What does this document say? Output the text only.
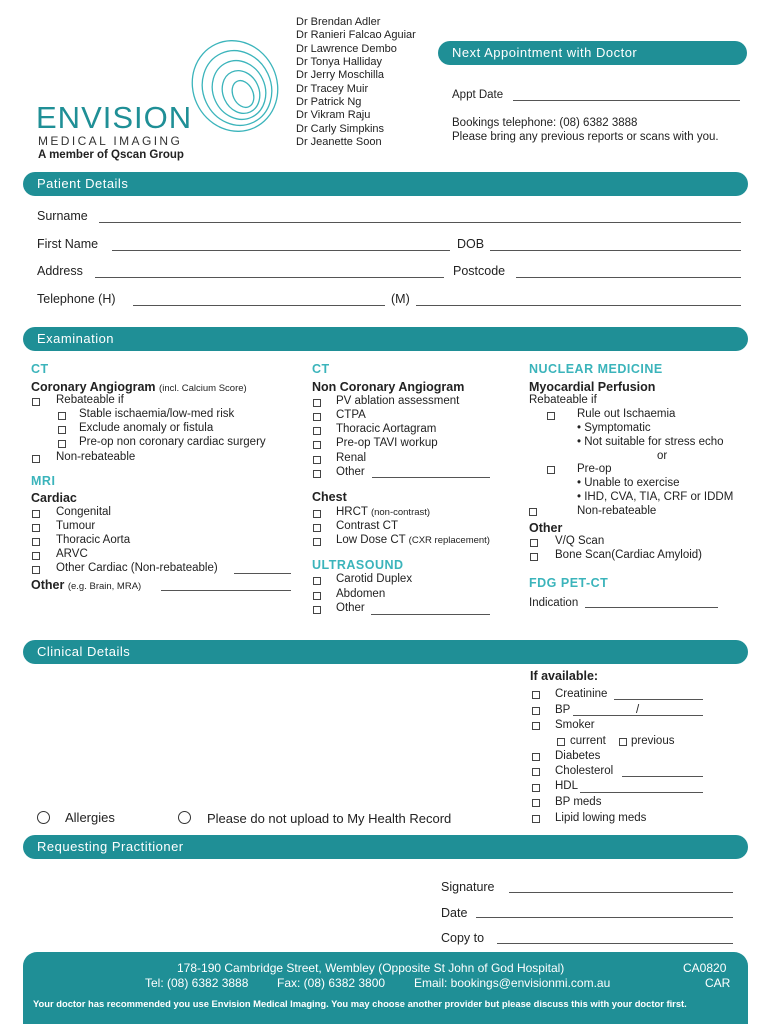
ENVISION
MEDICAL IMAGING
A member of Qscan Group
Dr Brendan Adler
Dr Ranieri Falcao Aguiar
Dr Lawrence Dembo
Dr Tonya Halliday
Dr Jerry Moschilla
Dr Tracey Muir
Dr Patrick Ng
Dr Vikram Raju
Dr Carly Simpkins
Dr Jeanette Soon
Next Appointment with Doctor
Appt Date
Bookings telephone: (08) 6382 3888
Please bring any previous reports or scans with you.
Patient Details
Surname
First Name	DOB
Address	Postcode
Telephone (H)	(M)
Examination
CT
Coronary Angiogram (incl. Calcium Score)
Rebateable if
Stable ischaemia/low-med risk
Exclude anomaly or fistula
Pre-op non coronary cardiac surgery
Non-rebateable
MRI
Cardiac
Congenital
Tumour
Thoracic Aorta
ARVC
Other Cardiac (Non-rebateable)
Other (e.g. Brain, MRA)
CT
Non Coronary Angiogram
PV ablation assessment
CTPA
Thoracic Aortagram
Pre-op TAVI workup
Renal
Other
Chest
HRCT (non-contrast)
Contrast CT
Low Dose CT (CXR replacement)
ULTRASOUND
Carotid Duplex
Abdomen
Other
NUCLEAR MEDICINE
Myocardial Perfusion
Rebateable if
Rule out Ischaemia
• Symptomatic
• Not suitable for stress echo
or
Pre-op
• Unable to exercise
• IHD, CVA, TIA, CRF or IDDM
Non-rebateable
Other
V/Q Scan
Bone Scan(Cardiac Amyloid)
FDG PET-CT
Indication
Clinical Details
If available:
Creatinine
BP	/
Smoker
current previous
Diabetes
Cholesterol
HDL
BP meds
Lipid lowing meds
Allergies	Please do not upload to My Health Record
Requesting Practitioner
Signature
Date
Copy to
178-190 Cambridge Street, Wembley (Opposite St John of God Hospital)
Tel: (08) 6382 3888 Fax: (08) 6382 3800 Email: bookings@envisionmi.com.au
CA0820
CAR
Your doctor has recommended you use Envision Medical Imaging. You may choose another provider but please discuss this with your doctor first.
